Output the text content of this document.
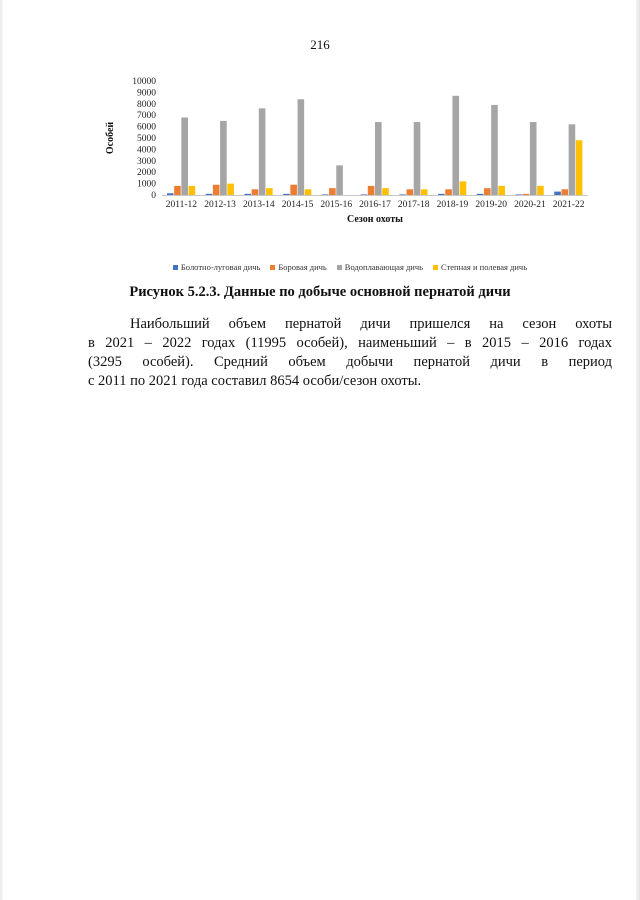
216
0
1000
2000
3000
4000
5000
6000
7000
8000
9000
10000
Особей
2011-12 2012-13 2013-14 2014-15 2015-16 2016-17 2017-18 2018-19 2019-20 2020-21 2021-22
Сезон охоты
Болотно-луговая дичь Боровая дичь Водоплавающая дичь Степная и полевая дичь
Рисунок 5.2.3. Данные по добыче основной пернатой дичи
Наибольший объем пернатой дичи пришелся на сезон охоты
в 2021 – 2022 годах (11995 особей), наименьший – в 2015 – 2016 годах
(3295 особей). Средний объем добычи пернатой дичи в период
с 2011 по 2021 года составил 8654 особи/сезон охоты.
